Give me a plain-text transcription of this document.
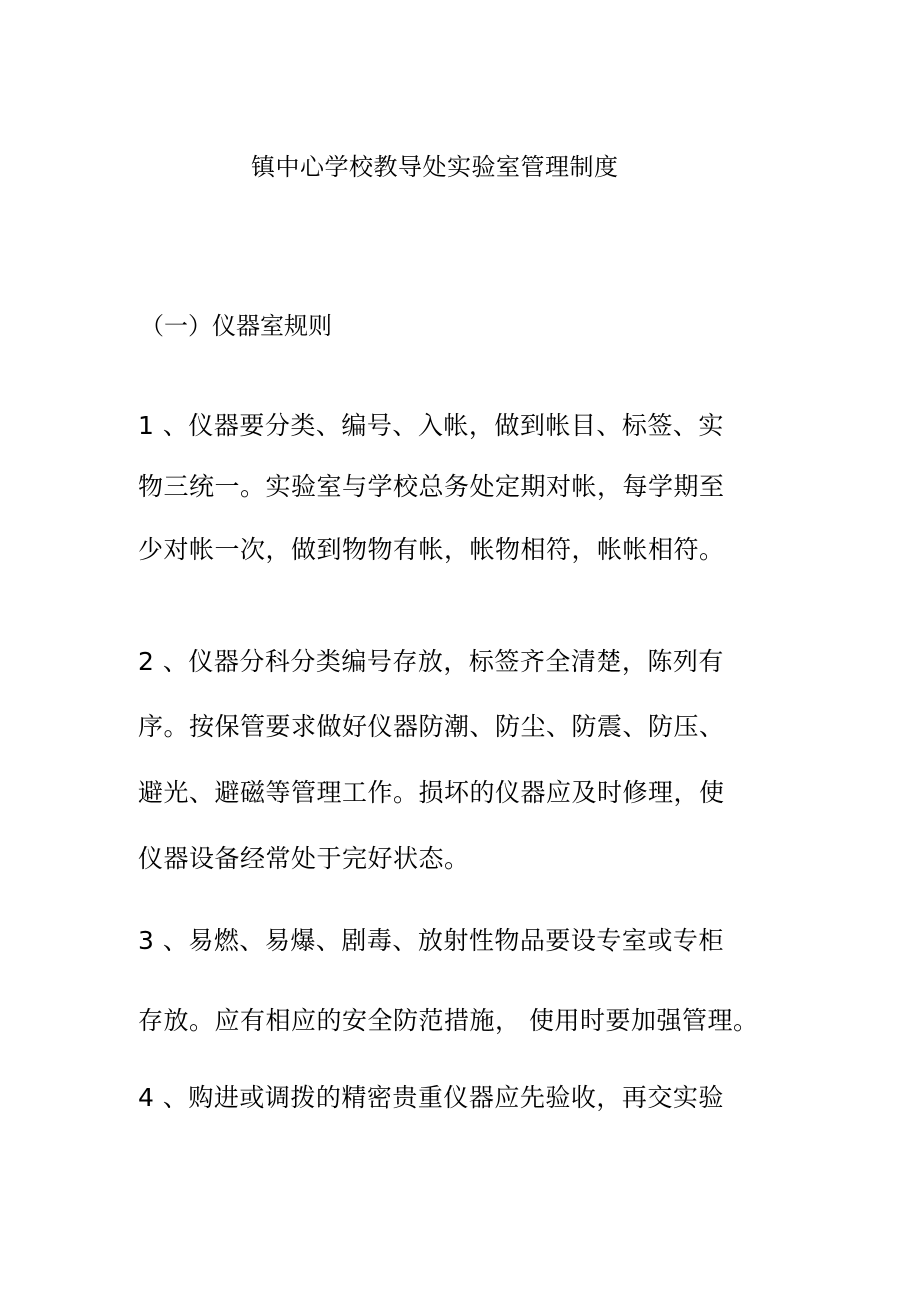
镇中心学校教导处实验室管理制度
（一）仪器室规则
1 、仪器要分类、编号、入帐，做到帐目、标签、实
物三统一。实验室与学校总务处定期对帐，每学期至
少对帐一次，做到物物有帐，帐物相符，帐帐相符。
2 、仪器分科分类编号存放，标签齐全清楚，陈列有
序。按保管要求做好仪器防潮、防尘、防震、防压、
避光、避磁等管理工作。损坏的仪器应及时修理，使
仪器设备经常处于完好状态。
3 、易燃、易爆、剧毒、放射性物品要设专室或专柜
存放。应有相应的安全防范措施， 使用时要加强管理。
4 、购进或调拨的精密贵重仪器应先验收，再交实验
